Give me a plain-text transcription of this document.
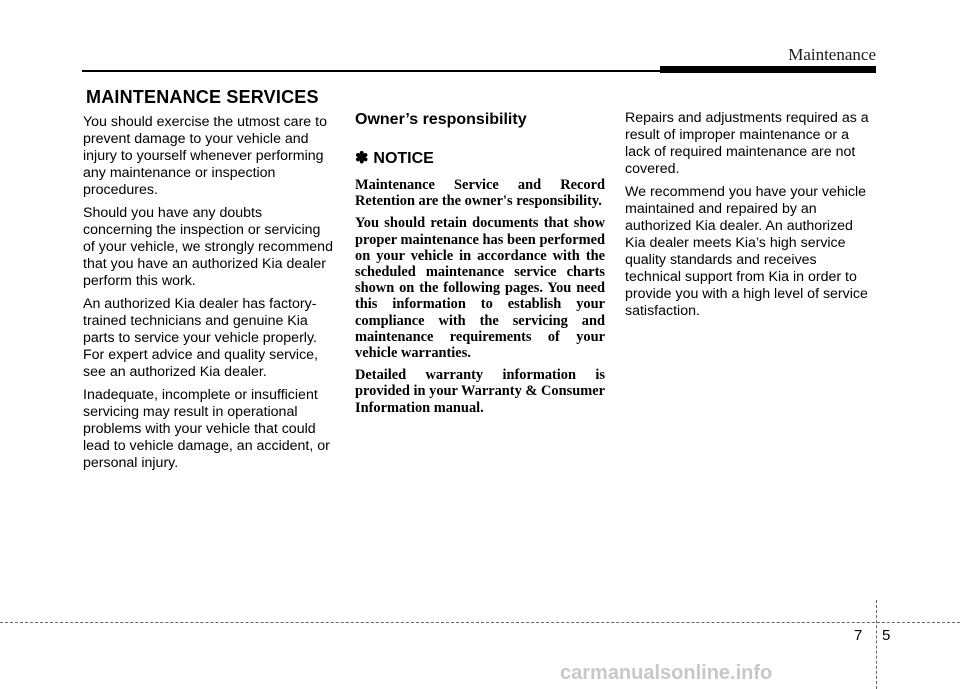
Maintenance
MAINTENANCE SERVICES

You should exercise the utmost care to prevent damage to your vehicle and injury to yourself whenever performing any maintenance or inspection procedures.

Should you have any doubts concerning the inspection or servicing of your vehicle, we strongly recommend that you have an authorized Kia dealer perform this work.

An authorized Kia dealer has factory-trained technicians and genuine Kia parts to service your vehicle properly. For expert advice and quality service, see an authorized Kia dealer.

Inadequate, incomplete or insufficient servicing may result in operational problems with your vehicle that could lead to vehicle damage, an accident, or personal injury.

Owner’s responsibility
✽ NOTICE

Maintenance Service and Record Retention are the owner's responsibility.

You should retain documents that show proper maintenance has been performed on your vehicle in accordance with the scheduled maintenance service charts shown on the following pages. You need this information to establish your compliance with the servicing and maintenance requirements of your vehicle warranties.

Detailed warranty information is provided in your Warranty & Consumer Information manual.

Repairs and adjustments required as a result of improper maintenance or a lack of required maintenance are not covered.

We recommend you have your vehicle maintained and repaired by an authorized Kia dealer. An authorized Kia dealer meets Kia’s high service quality standards and receives technical support from Kia in order to provide you with a high level of service satisfaction.

7 5
carmanualsonline.info
